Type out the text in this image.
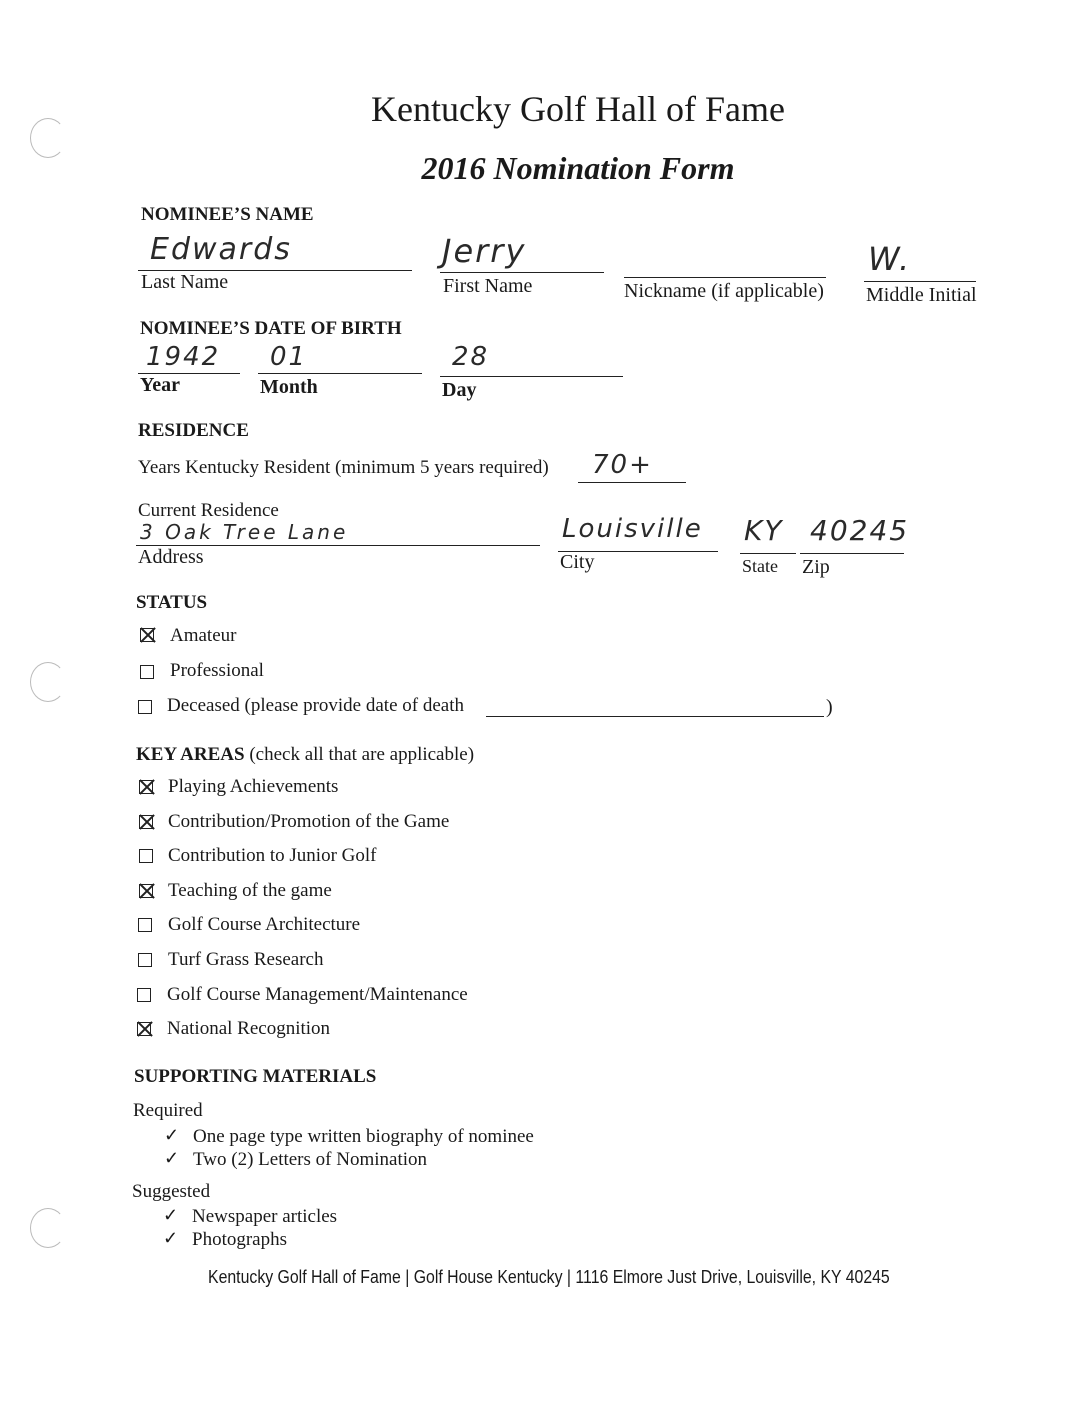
Kentucky Golf Hall of Fame
2016 Nomination Form
NOMINEE’S NAME
Edwards
Last Name
Jerry
First Name	Nickname (if applicable)
W.
Middle Initial
NOMINEE’S DATE OF BIRTH
1942
Year
01
Month
28
Day
RESIDENCE
Years Kentucky Resident (minimum 5 years required) 70+
Current Residence
3 Oak Tree Lane
Address
Louisville
City
KY
State
40245
Zip
STATUS
Amateur
Professional
Deceased (please provide date of death	)
KEY AREAS (check all that are applicable)
Playing Achievements
Contribution/Promotion of the Game
Contribution to Junior Golf
Teaching of the game
Golf Course Architecture
Turf Grass Research
Golf Course Management/Maintenance
National Recognition
SUPPORTING MATERIALS
Required
✓ One page type written biography of nominee
✓ Two (2) Letters of Nomination
Suggested
✓ Newspaper articles
✓ Photographs
Kentucky Golf Hall of Fame | Golf House Kentucky | 1116 Elmore Just Drive, Louisville, KY 40245
